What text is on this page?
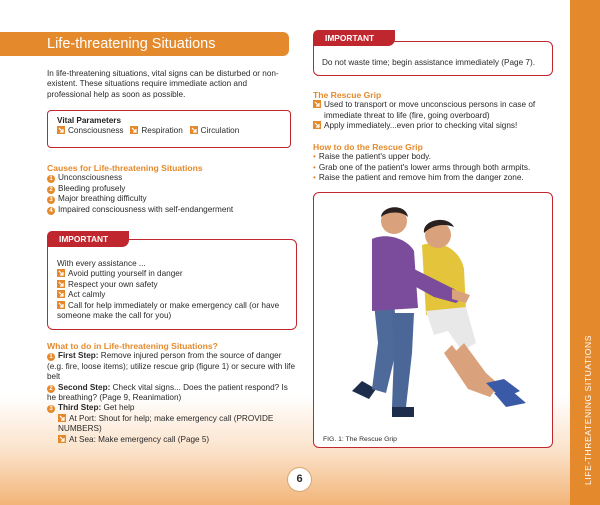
LIFE-THREATENING SITUATIONS
Life-threatening Situations
In life-threatening situations, vital signs can be disturbed or non-existent. These situations require immediate action and professional help as soon as possible.
Vital Parameters
Consciousness Respiration Circulation
Causes for Life-threatening Situations
1 Unconsciousness
2 Bleeding profusely
3 Major breathing difficulty
4 Impaired consciousness with self-endangerment
IMPORTANT
With every assistance ...
Avoid putting yourself in danger
Respect your own safety
Act calmly
Call for help immediately or make emergency call (or have someone make the call for you)
What to do in Life-threatening Situations?
1 First Step: Remove injured person from the source of danger (e.g. fire, loose items); utilize rescue grip (figure 1) or secure with life belt
2 Second Step: Check vital signs... Does the patient respond? Is he breathing? (Page 9, Reanimation)
3 Third Step: Get help
At Port: Shout for help; make emergency call (PROVIDE NUMBERS)
At Sea: Make emergency call (Page 5)
IMPORTANT
Do not waste time; begin assistance immediately (Page 7).
The Rescue Grip
Used to transport or move unconscious persons in case of immediate threat to life (fire, going overboard)
Apply immediately...even prior to checking vital signs!
How to do the Rescue Grip
• Raise the patient's upper body.
• Grab one of the patient's lower arms through both armpits.
• Raise the patient and remove him from the danger zone.
FIG. 1: The Rescue Grip
6
